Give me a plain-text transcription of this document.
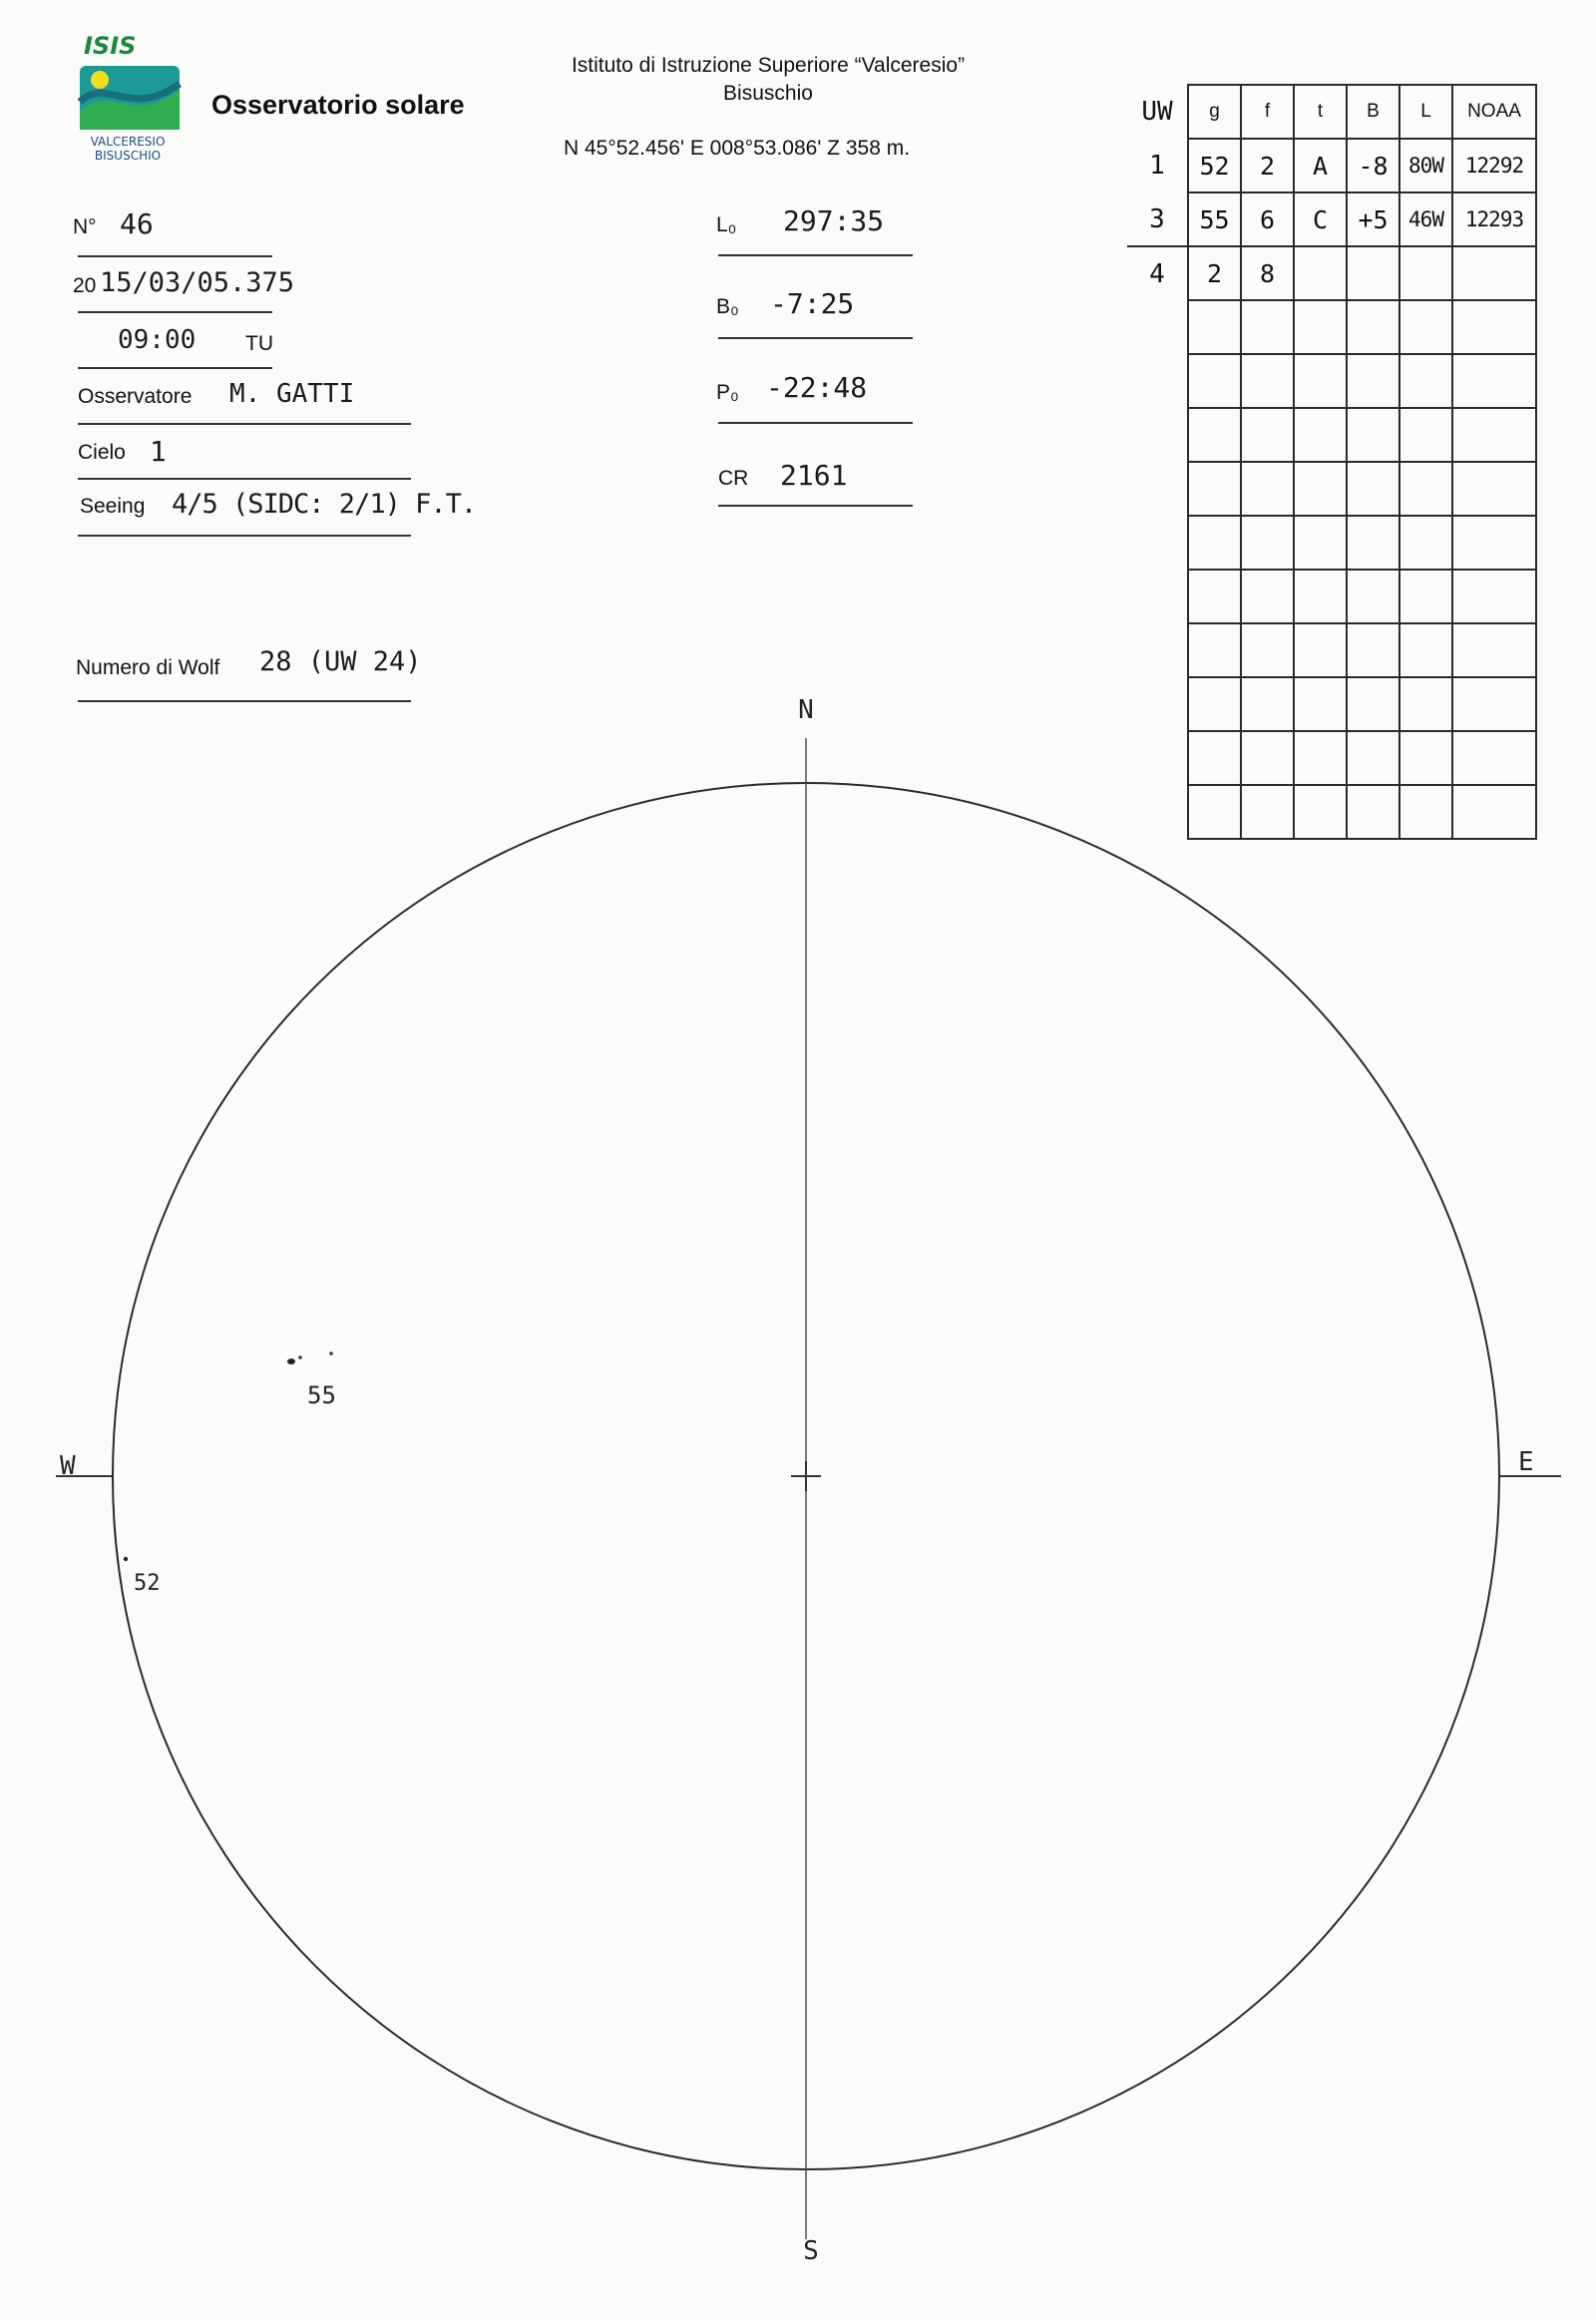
ISIS
VALCERESIO
BISUSCHIO
Osservatorio solare
Istituto di Istruzione Superiore “Valceresio”
Bisuschio
N 45°52.456' E 008°53.086' Z 358 m.
N° 46
20 15/03/05.375
09:00 TU
Osservatore M. GATTI
Cielo 1
Seeing 4/5 (SIDC: 2/1) F.T.
Numero di Wolf 28 (UW 24)
L₀ 297:35
B₀ -7:25
P₀ -22:48
CR 2161
UW	g	f	t	B	L	NOAA
1	52	2	A	-8	80W	12292
3	55	6	C	+5	46W	12293
4	2	8				

N
S
W	E
55
52
